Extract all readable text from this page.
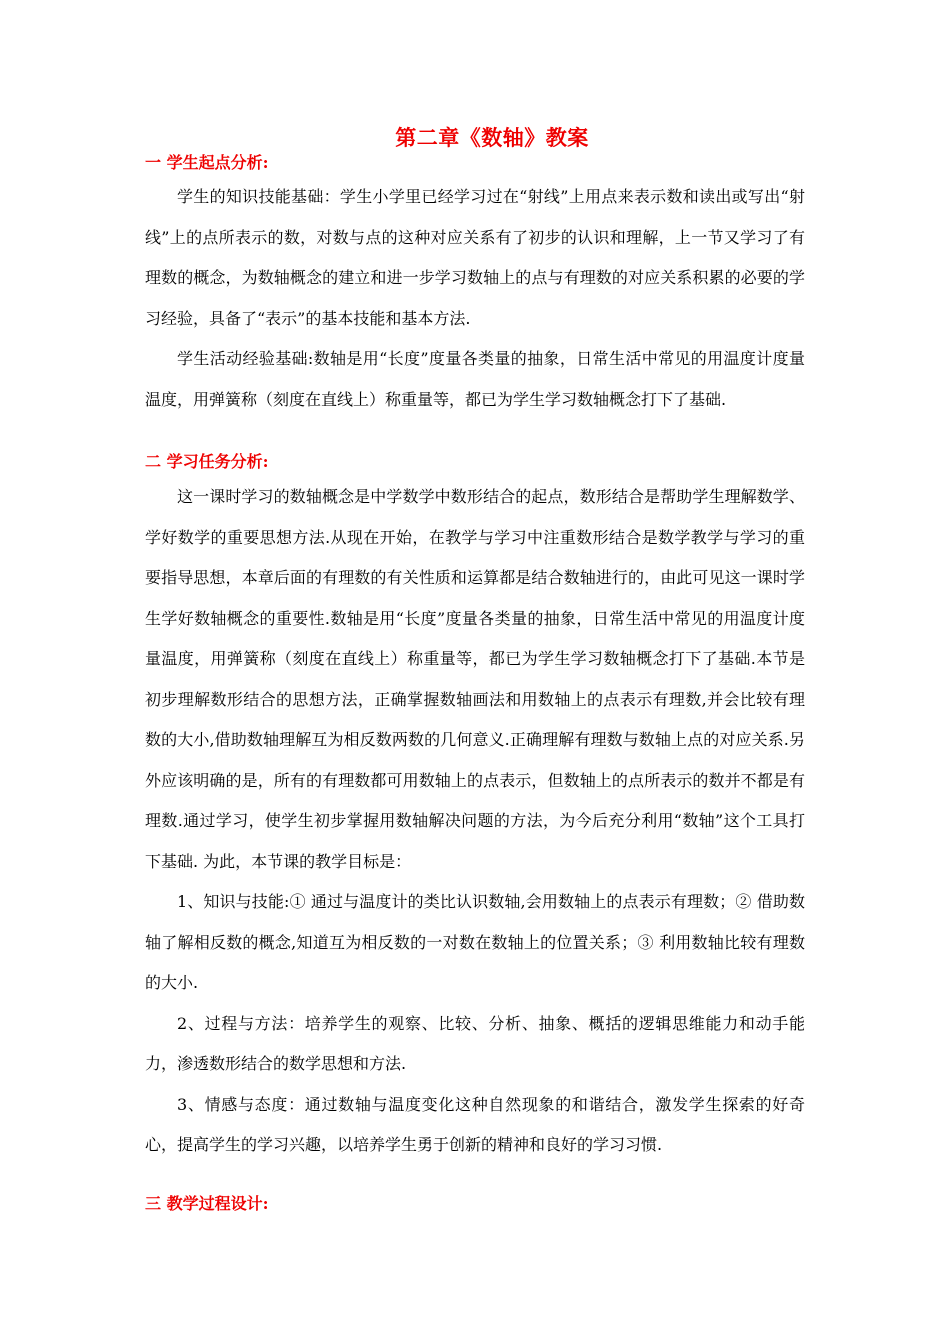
第二章《数轴》教案
一 学生起点分析:

学生的知识技能基础：学生小学里已经学习过在“射线”上用点来表示数和读出或写出“射线”上的点所表示的数，对数与点的这种对应关系有了初步的认识和理解，上一节又学习了有理数的概念，为数轴概念的建立和进一步学习数轴上的点与有理数的对应关系积累的必要的学习经验，具备了“表示”的基本技能和基本方法.

学生活动经验基础:数轴是用“长度”度量各类量的抽象，日常生活中常见的用温度计度量温度，用弹簧称（刻度在直线上）称重量等，都已为学生学习数轴概念打下了基础.

二 学习任务分析:

这一课时学习的数轴概念是中学数学中数形结合的起点，数形结合是帮助学生理解数学、学好数学的重要思想方法.从现在开始，在教学与学习中注重数形结合是数学教学与学习的重要指导思想，本章后面的有理数的有关性质和运算都是结合数轴进行的，由此可见这一课时学生学好数轴概念的重要性.数轴是用“长度”度量各类量的抽象，日常生活中常见的用温度计度量温度，用弹簧称（刻度在直线上）称重量等，都已为学生学习数轴概念打下了基础.本节是初步理解数形结合的思想方法，正确掌握数轴画法和用数轴上的点表示有理数,并会比较有理数的大小,借助数轴理解互为相反数两数的几何意义.正确理解有理数与数轴上点的对应关系.另外应该明确的是，所有的有理数都可用数轴上的点表示，但数轴上的点所表示的数并不都是有理数.通过学习，使学生初步掌握用数轴解决问题的方法，为今后充分利用“数轴”这个工具打下基础. 为此，本节课的教学目标是：

1、知识与技能:① 通过与温度计的类比认识数轴,会用数轴上的点表示有理数；② 借助数轴了解相反数的概念,知道互为相反数的一对数在数轴上的位置关系；③ 利用数轴比较有理数的大小.

2、过程与方法：培养学生的观察、比较、分析、抽象、概括的逻辑思维能力和动手能力，渗透数形结合的数学思想和方法.

3、情感与态度：通过数轴与温度变化这种自然现象的和谐结合，激发学生探索的好奇心，提高学生的学习兴趣，以培养学生勇于创新的精神和良好的学习习惯.

三 教学过程设计:
